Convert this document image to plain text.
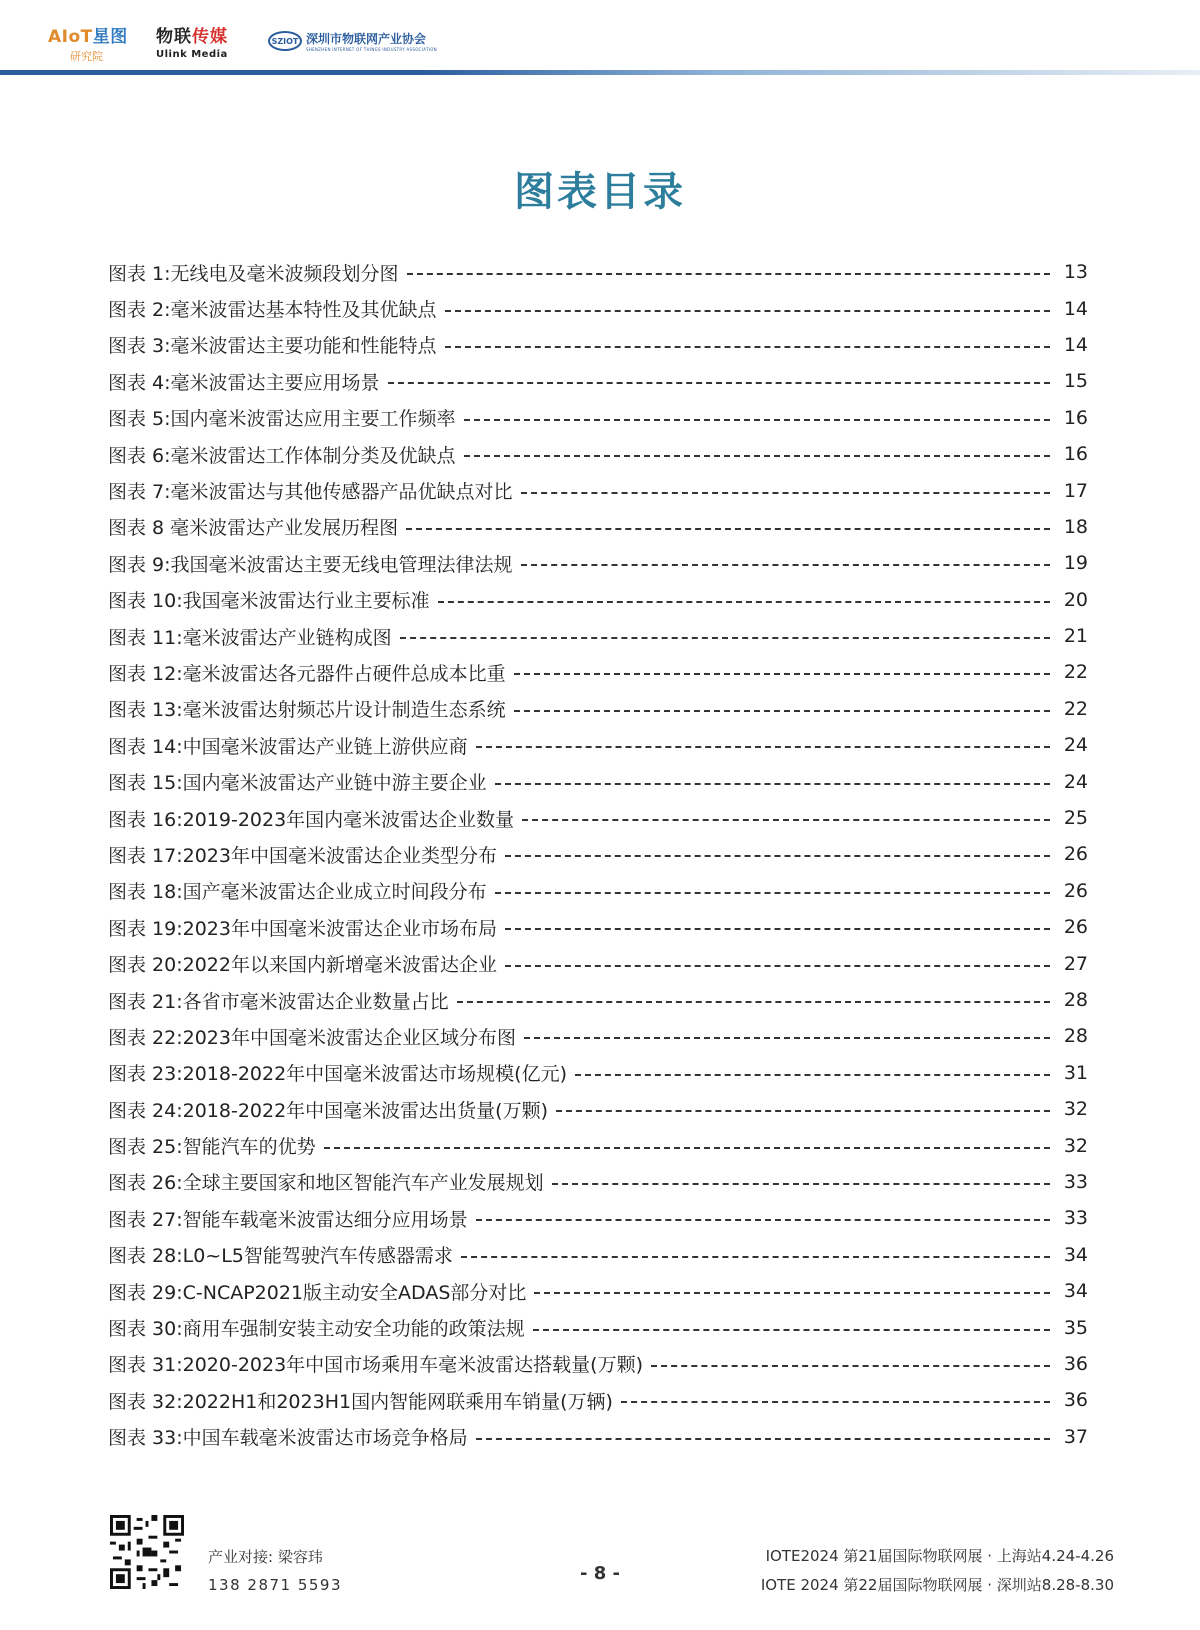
AIoT星图
研究院
物联传媒
Ulink Media
SZIOT 深圳市物联网产业协会
SHENZHEN INTERNET OF THINGS INDUSTRY ASSOCIATION
图表目录
图表 1:无线电及毫米波频段划分图	13
图表 2:毫米波雷达基本特性及其优缺点	14
图表 3:毫米波雷达主要功能和性能特点	14
图表 4:毫米波雷达主要应用场景	15
图表 5:国内毫米波雷达应用主要工作频率	16
图表 6:毫米波雷达工作体制分类及优缺点	16
图表 7:毫米波雷达与其他传感器产品优缺点对比	17
图表 8 毫米波雷达产业发展历程图	18
图表 9:我国毫米波雷达主要无线电管理法律法规	19
图表 10:我国毫米波雷达行业主要标准	20
图表 11:毫米波雷达产业链构成图	21
图表 12:毫米波雷达各元器件占硬件总成本比重	22
图表 13:毫米波雷达射频芯片设计制造生态系统	22
图表 14:中国毫米波雷达产业链上游供应商	24
图表 15:国内毫米波雷达产业链中游主要企业	24
图表 16:2019-2023年国内毫米波雷达企业数量	25
图表 17:2023年中国毫米波雷达企业类型分布	26
图表 18:国产毫米波雷达企业成立时间段分布	26
图表 19:2023年中国毫米波雷达企业市场布局	26
图表 20:2022年以来国内新增毫米波雷达企业	27
图表 21:各省市毫米波雷达企业数量占比	28
图表 22:2023年中国毫米波雷达企业区域分布图	28
图表 23:2018-2022年中国毫米波雷达市场规模(亿元)	31
图表 24:2018-2022年中国毫米波雷达出货量(万颗)	32
图表 25:智能汽车的优势	32
图表 26:全球主要国家和地区智能汽车产业发展规划	33
图表 27:智能车载毫米波雷达细分应用场景	33
图表 28:L0~L5智能驾驶汽车传感器需求	34
图表 29:C-NCAP2021版主动安全ADAS部分对比	34
图表 30:商用车强制安装主动安全功能的政策法规	35
图表 31:2020-2023年中国市场乘用车毫米波雷达搭载量(万颗)	36
图表 32:2022H1和2023H1国内智能网联乘用车销量(万辆)	36
图表 33:中国车载毫米波雷达市场竞争格局	37
产业对接: 梁容玮
138 2871 5593
- 8 -
IOTE2024 第21届国际物联网展 · 上海站4.24-4.26
IOTE 2024 第22届国际物联网展 · 深圳站8.28-8.30
